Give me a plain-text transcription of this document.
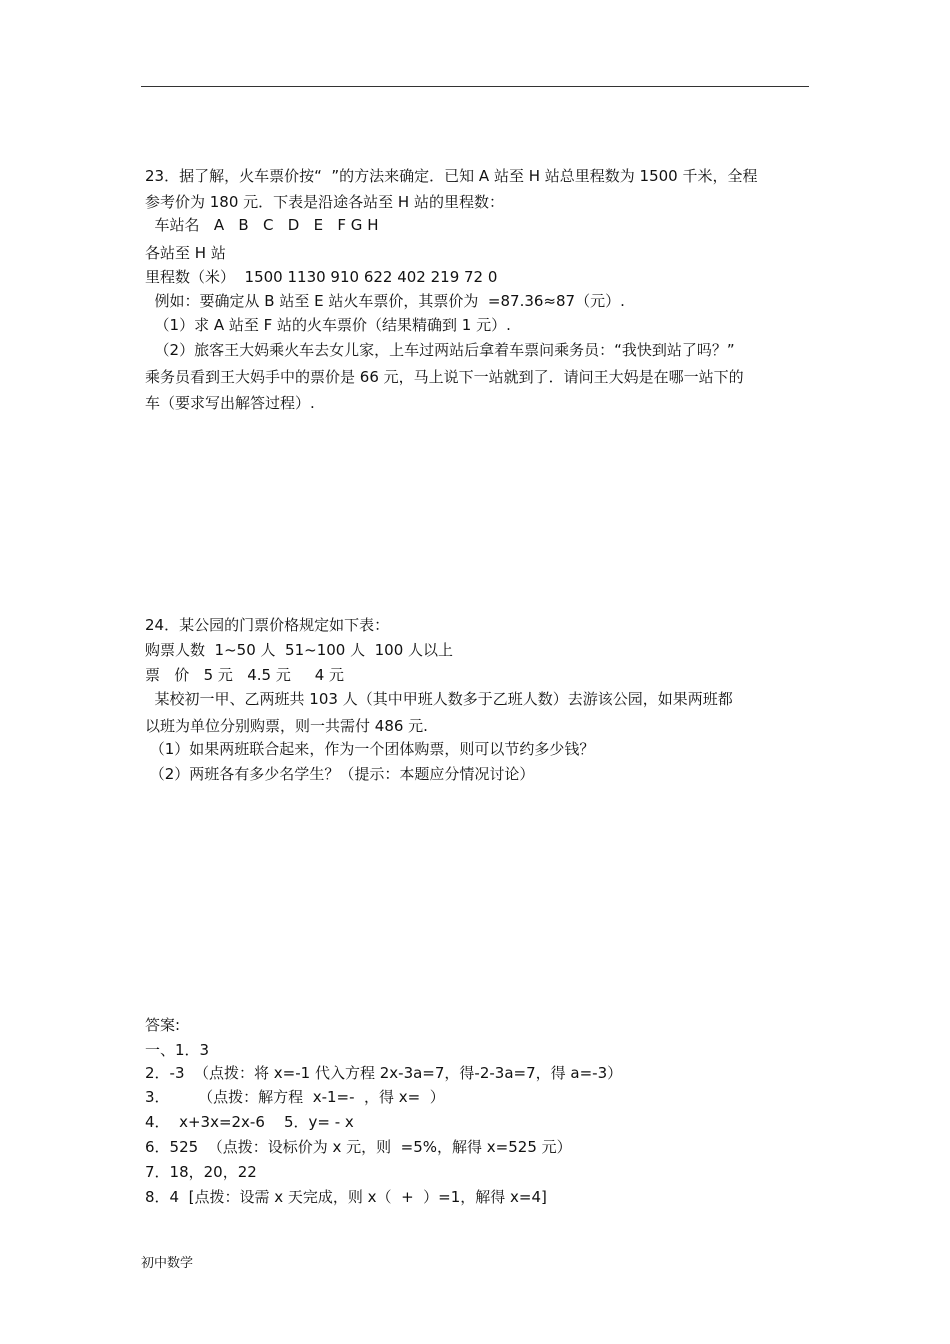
23．据了解，火车票价按“  ”的方法来确定．已知 A 站至 H 站总里程数为 1500 千米，全程
参考价为 180 元．下表是沿途各站至 H 站的里程数：
车站名   A   B   C   D   E   F G H
各站至 H 站
里程数（米）  1500 1130 910 622 402 219 72 0
例如：要确定从 B 站至 E 站火车票价，其票价为  =87.36≈87（元）.
（1）求 A 站至 F 站的火车票价（结果精确到 1 元）.
（2）旅客王大妈乘火车去女儿家，上车过两站后拿着车票问乘务员：“我快到站了吗？”
乘务员看到王大妈手中的票价是 66 元，马上说下一站就到了．请问王大妈是在哪一站下的
车（要求写出解答过程）.
24．某公园的门票价格规定如下表：
购票人数  1~50 人  51~100 人  100 人以上
票   价   5 元   4.5 元     4 元
某校初一甲、乙两班共 103 人（其中甲班人数多于乙班人数）去游该公园，如果两班都
以班为单位分别购票，则一共需付 486 元.
（1）如果两班联合起来，作为一个团体购票，则可以节约多少钱？
（2）两班各有多少名学生？（提示：本题应分情况讨论）
答案:
一、1．3
2．-3  （点拨：将 x=-1 代入方程 2x-3a=7，得-2-3a=7，得 a=-3）
3．      （点拨：解方程  x-1=-  ，得 x=  ）
4．  x+3x=2x-6    5．y= - x
6．525  （点拨：设标价为 x 元，则  =5%，解得 x=525 元）
7．18，20，22
8．4  [点拨：设需 x 天完成，则 x（  +  ）=1，解得 x=4]
初中数学
